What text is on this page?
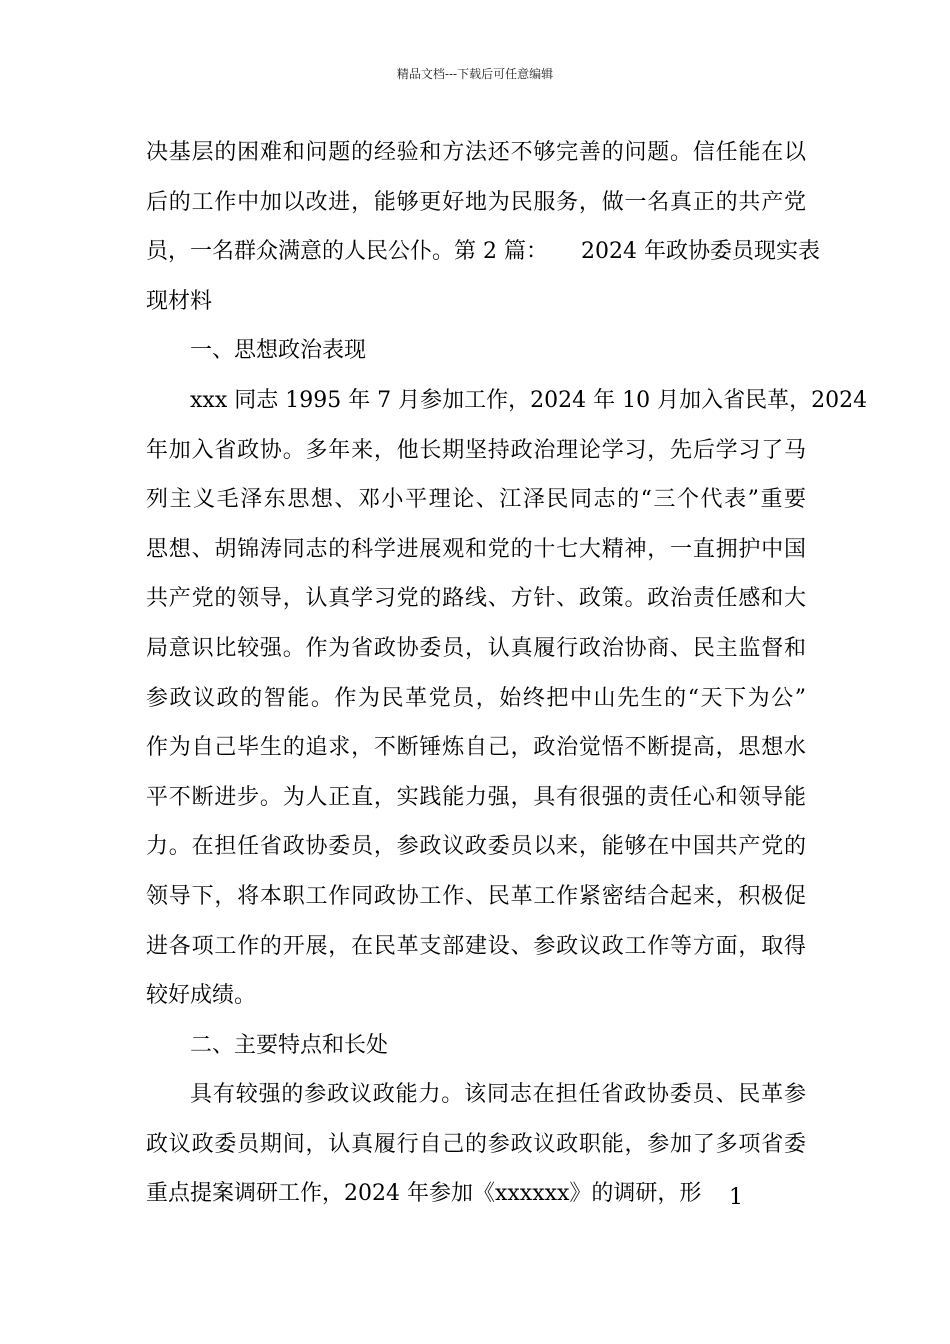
精品文档---下载后可任意编辑
决基层的困难和问题的经验和方法还不够完善的问题。信任能在以
后的工作中加以改进，能够更好地为民服务，做一名真正的共产党
员，一名群众满意的人民公仆。第 2 篇：　　2024 年政协委员现实表
现材料
一、思想政治表现
xxx 同志 1995 年 7 月参加工作，2024 年 10 月加入省民革，2024
年加入省政协。多年来，他长期坚持政治理论学习，先后学习了马
列主义毛泽东思想、邓小平理论、江泽民同志的“三个代表”重要
思想、胡锦涛同志的科学进展观和党的十七大精神，一直拥护中国
共产党的领导，认真学习党的路线、方针、政策。政治责任感和大
局意识比较强。作为省政协委员，认真履行政治协商、民主监督和
参政议政的智能。作为民革党员，始终把中山先生的“天下为公”
作为自己毕生的追求，不断锤炼自己，政治觉悟不断提高，思想水
平不断进步。为人正直，实践能力强，具有很强的责任心和领导能
力。在担任省政协委员，参政议政委员以来，能够在中国共产党的
领导下，将本职工作同政协工作、民革工作紧密结合起来，积极促
进各项工作的开展，在民革支部建设、参政议政工作等方面，取得
较好成绩。
二、主要特点和长处
具有较强的参政议政能力。该同志在担任省政协委员、民革参
政议政委员期间，认真履行自己的参政议政职能，参加了多项省委
重点提案调研工作，2024 年参加《xxxxxx》的调研，形	1
